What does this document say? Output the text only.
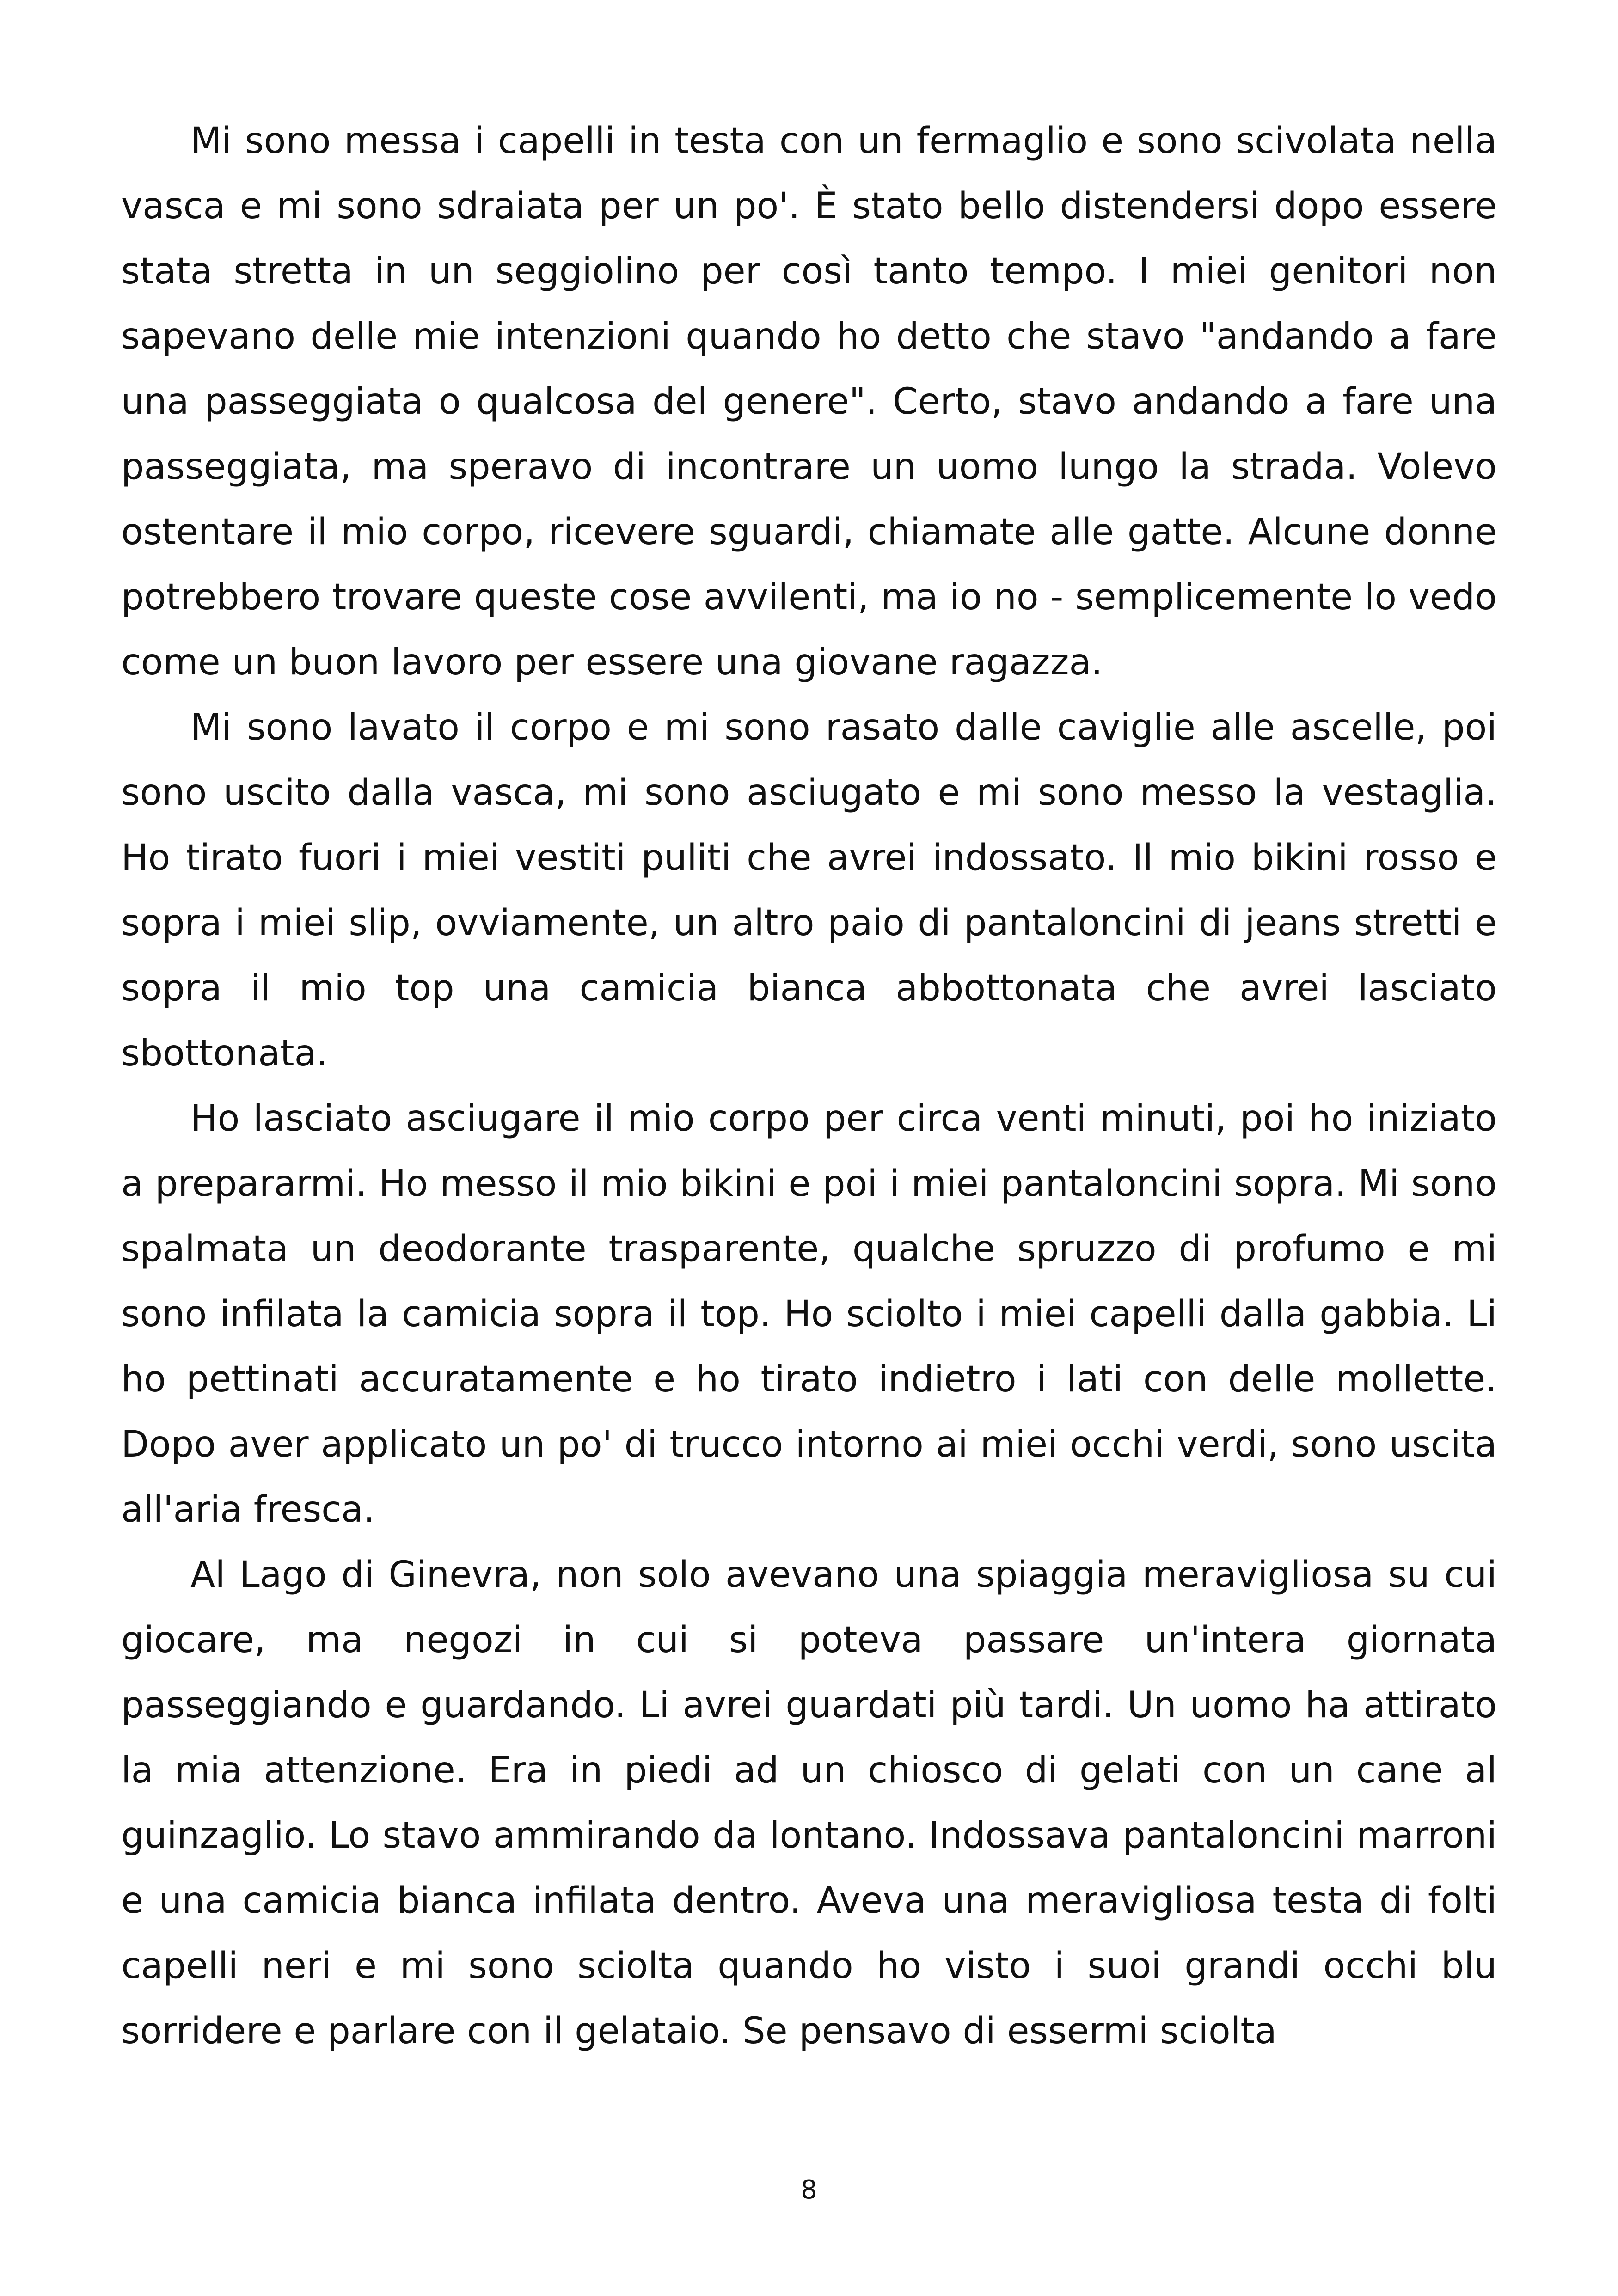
Mi sono messa i capelli in testa con un fermaglio e sono scivolata nella vasca e mi sono sdraiata per un po'. È stato bello distendersi dopo essere stata stretta in un seggiolino per così tanto tempo. I miei genitori non sapevano delle mie intenzioni quando ho detto che stavo "andando a fare una passeggiata o qualcosa del genere". Certo, stavo andando a fare una passeggiata, ma speravo di incontrare un uomo lungo la strada. Volevo ostentare il mio corpo, ricevere sguardi, chiamate alle gatte. Alcune donne potrebbero trovare queste cose avvilenti, ma io no - semplicemente lo vedo come un buon lavoro per essere una giovane ragazza.

Mi sono lavato il corpo e mi sono rasato dalle caviglie alle ascelle, poi sono uscito dalla vasca, mi sono asciugato e mi sono messo la vestaglia. Ho tirato fuori i miei vestiti puliti che avrei indossato. Il mio bikini rosso e sopra i miei slip, ovviamente, un altro paio di pantaloncini di jeans stretti e sopra il mio top una camicia bianca abbottonata che avrei lasciato sbottonata.

Ho lasciato asciugare il mio corpo per circa venti minuti, poi ho iniziato a prepararmi. Ho messo il mio bikini e poi i miei pantaloncini sopra. Mi sono spalmata un deodorante trasparente, qualche spruzzo di profumo e mi sono infilata la camicia sopra il top. Ho sciolto i miei capelli dalla gabbia. Li ho pettinati accuratamente e ho tirato indietro i lati con delle mollette. Dopo aver applicato un po' di trucco intorno ai miei occhi verdi, sono uscita all'aria fresca.

Al Lago di Ginevra, non solo avevano una spiaggia meravigliosa su cui giocare, ma negozi in cui si poteva passare un'intera giornata passeggiando e guardando. Li avrei guardati più tardi. Un uomo ha attirato la mia attenzione. Era in piedi ad un chiosco di gelati con un cane al guinzaglio. Lo stavo ammirando da lontano. Indossava pantaloncini marroni e una camicia bianca infilata dentro. Aveva una meravigliosa testa di folti capelli neri e mi sono sciolta quando ho visto i suoi grandi occhi blu sorridere e parlare con il gelataio. Se pensavo di essermi sciolta

8
